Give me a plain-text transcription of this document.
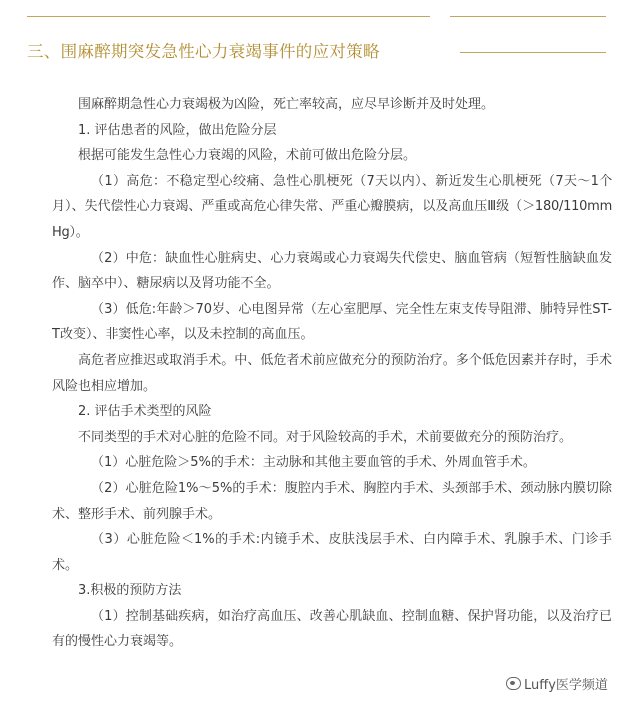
三、围麻醉期突发急性心力衰竭事件的应对策略

围麻醉期急性心力衰竭极为凶险，死亡率较高，应尽早诊断并及时处理。

1. 评估患者的风险，做出危险分层

根据可能发生急性心力衰竭的风险，术前可做出危险分层。

（1）高危：不稳定型心绞痛、急性心肌梗死（7天以内）、新近发生心肌梗死（7天～1个月）、失代偿性心力衰竭、严重或高危心律失常、严重心瓣膜病，以及高血压Ⅲ级（＞180/110mmHg）。

（2）中危：缺血性心脏病史、心力衰竭或心力衰竭失代偿史、脑血管病（短暂性脑缺血发作、脑卒中）、糖尿病以及肾功能不全。

（3）低危:年龄＞70岁、心电图异常（左心室肥厚、完全性左束支传导阻滞、肺特异性ST-T改变）、非窦性心率，以及未控制的高血压。

高危者应推迟或取消手术。中、低危者术前应做充分的预防治疗。多个低危因素并存时，手术风险也相应增加。

2. 评估手术类型的风险

不同类型的手术对心脏的危险不同。对于风险较高的手术，术前要做充分的预防治疗。

（1）心脏危险＞5%的手术：主动脉和其他主要血管的手术、外周血管手术。

（2）心脏危险1%～5%的手术：腹腔内手术、胸腔内手术、头颈部手术、颈动脉内膜切除术、整形手术、前列腺手术。

（3）心脏危险＜1%的手术:内镜手术、皮肤浅层手术、白内障手术、乳腺手术、门诊手术。

3.积极的预防方法

（1）控制基础疾病，如治疗高血压、改善心肌缺血、控制血糖、保护肾功能，以及治疗已有的慢性心力衰竭等。

Luffy医学频道
